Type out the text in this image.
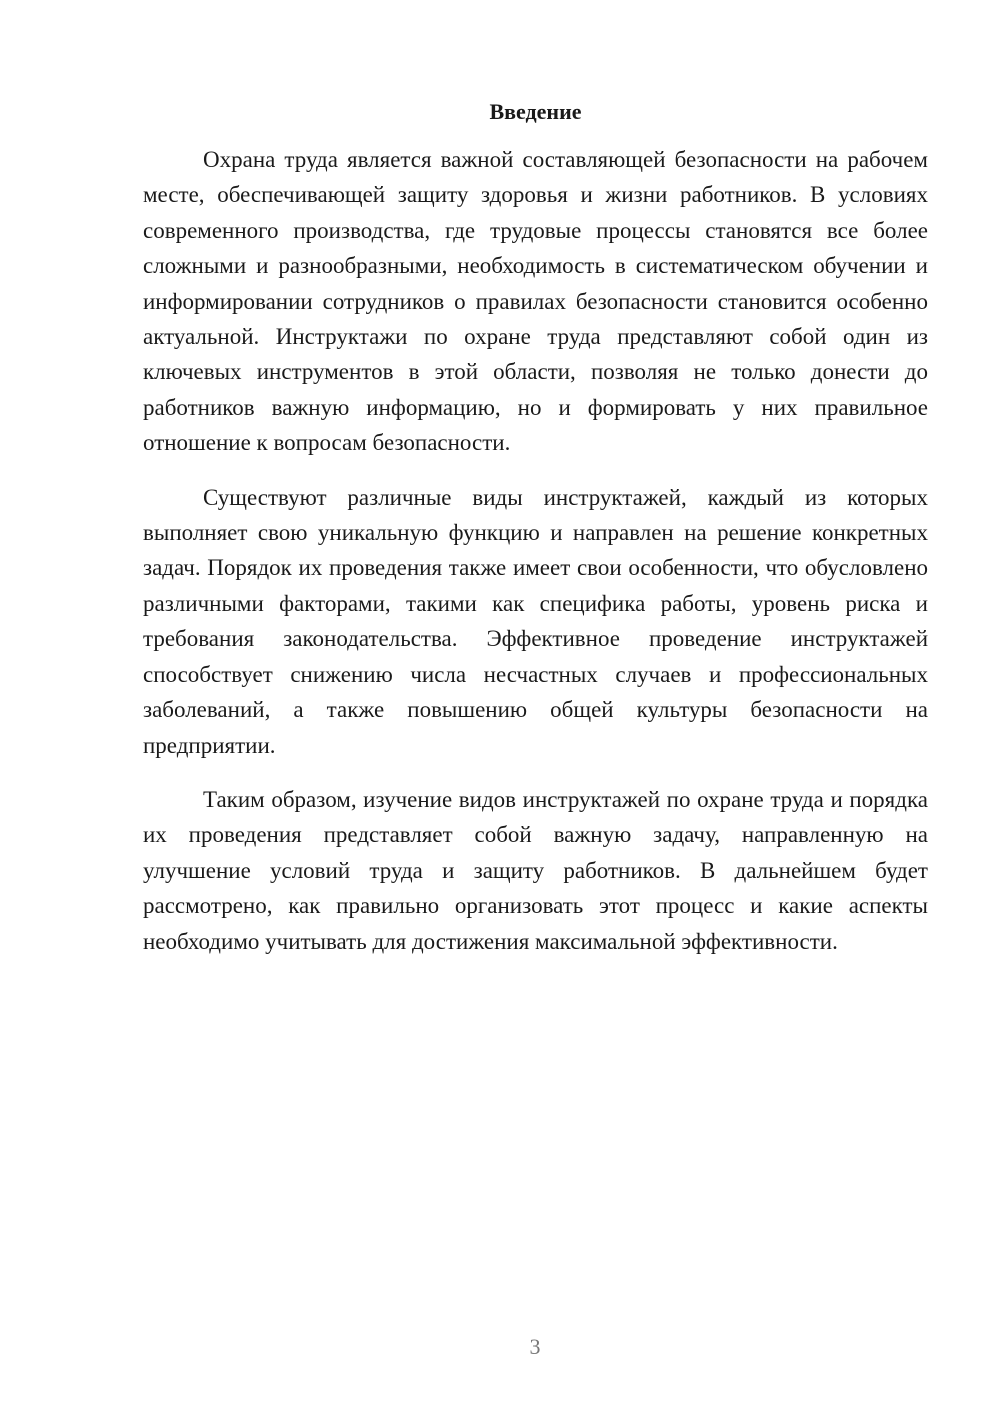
Введение

Охрана труда является важной составляющей безопасности на рабочем месте, обеспечивающей защиту здоровья и жизни работников. В условиях современного производства, где трудовые процессы становятся все более сложными и разнообразными, необходимость в систематическом обучении и информировании сотрудников о правилах безопасности становится особенно актуальной. Инструктажи по охране труда представляют собой один из ключевых инструментов в этой области, позволяя не только донести до работников важную информацию, но и формировать у них правильное отношение к вопросам безопасности.

Существуют различные виды инструктажей, каждый из которых выполняет свою уникальную функцию и направлен на решение конкретных задач. Порядок их проведения также имеет свои особенности, что обусловлено различными факторами, такими как специфика работы, уровень риска и требования законодательства. Эффективное проведение инструктажей способствует снижению числа несчастных случаев и профессиональных заболеваний, а также повышению общей культуры безопасности на предприятии.

Таким образом, изучение видов инструктажей по охране труда и порядка их проведения представляет собой важную задачу, направленную на улучшение условий труда и защиту работников. В дальнейшем будет рассмотрено, как правильно организовать этот процесс и какие аспекты необходимо учитывать для достижения максимальной эффективности.

3
